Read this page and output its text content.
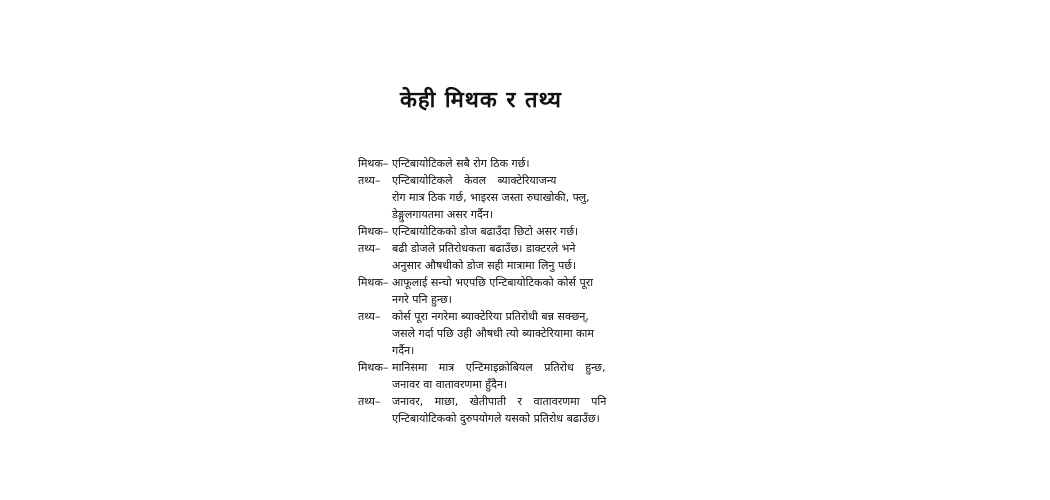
केही मिथक र तथ्य
मिथक– एन्टिबायोटिकले सबै रोग ठिक गर्छ।
तथ्य– एन्टिबायोटिकले केवल ब्याक्टेरियाजन्य
रोग मात्र ठिक गर्छ, भाइरस जस्ता रुघाखोकी, फ्लु,
डेङ्गुलगायतमा असर गर्दैन।
मिथक– एन्टिबायोटिकको डोज बढाउँदा छिटो असर गर्छ।
तथ्य– बढी डोजले प्रतिरोधकता बढाउँछ। डाक्टरले भने
अनुसार औषधीको डोज सही मात्रामा लिनु पर्छ।
मिथक– आफूलाई सन्चो भएपछि एन्टिबायोटिकको कोर्स पूरा
नगरे पनि हुन्छ।
तथ्य– कोर्स पूरा नगरेमा ब्याक्टेरिया प्रतिरोधी बन्न सक्छन्,
जसले गर्दा पछि उही औषधी त्यो ब्याक्टेरियामा काम
गर्दैन।
मिथक– मानिसमा मात्र एन्टिमाइक्रोबियल प्रतिरोध हुन्छ,
जनावर वा वातावरणमा हुँदैन।
तथ्य– जनावर, माछा, खेतीपाती र वातावरणमा पनि
एन्टिबायोटिकको दुरुपयोगले यसको प्रतिरोध बढाउँछ।
